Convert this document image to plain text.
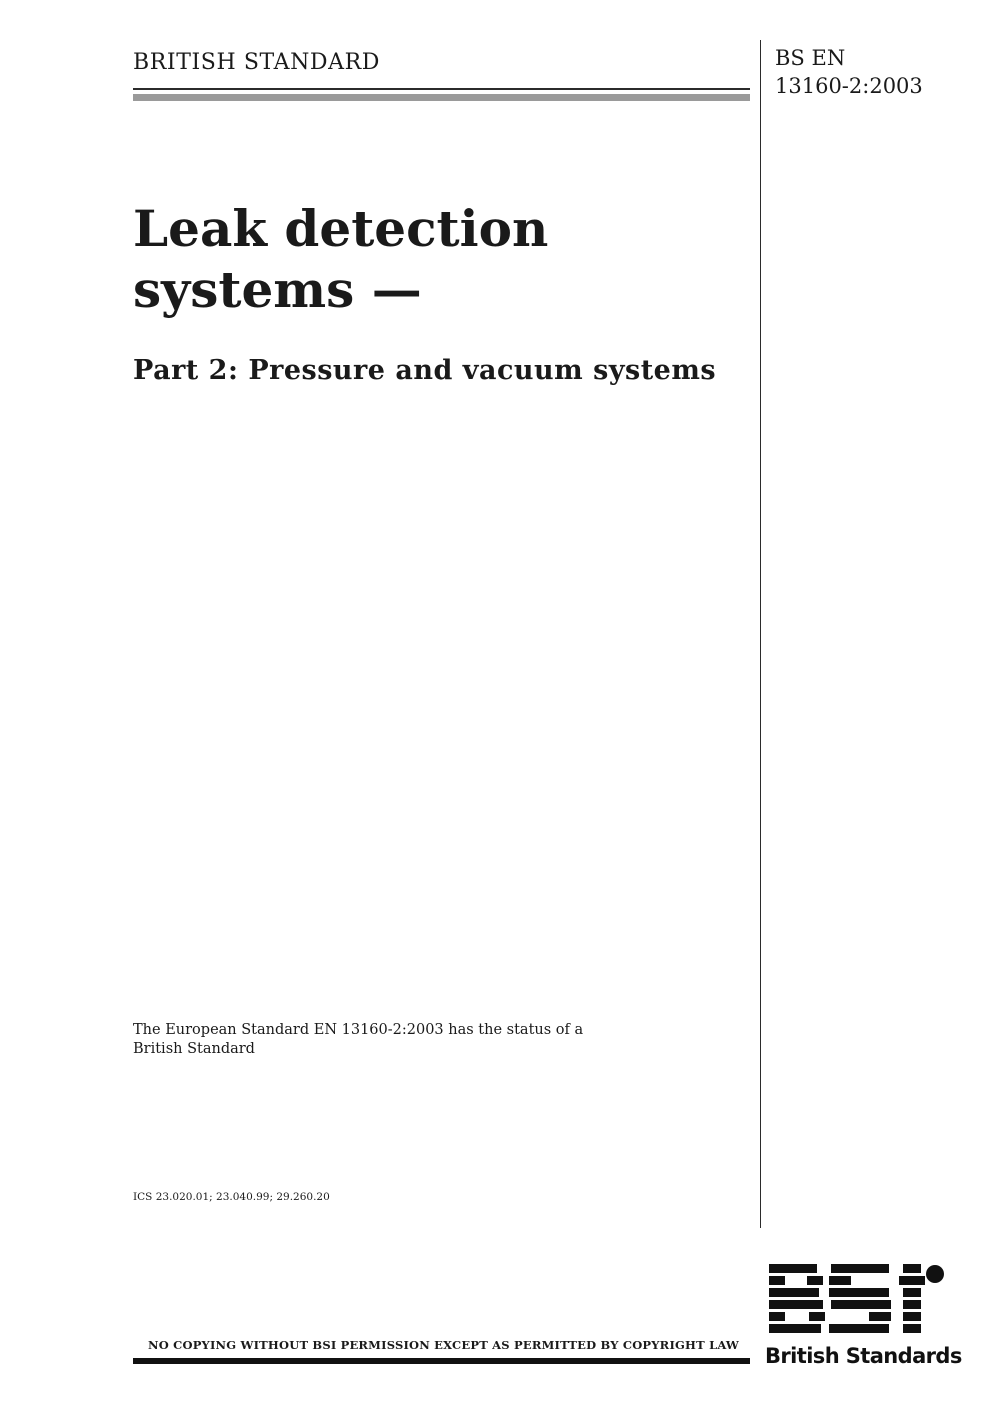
BRITISH STANDARD	BS EN
13160-2:2003
Leak detection
systems —
Part 2: Pressure and vacuum systems
The European Standard EN 13160-2:2003 has the status of a
British Standard
ICS 23.020.01; 23.040.99; 29.260.20
NO COPYING WITHOUT BSI PERMISSION EXCEPT AS PERMITTED BY COPYRIGHT LAW British Standards
